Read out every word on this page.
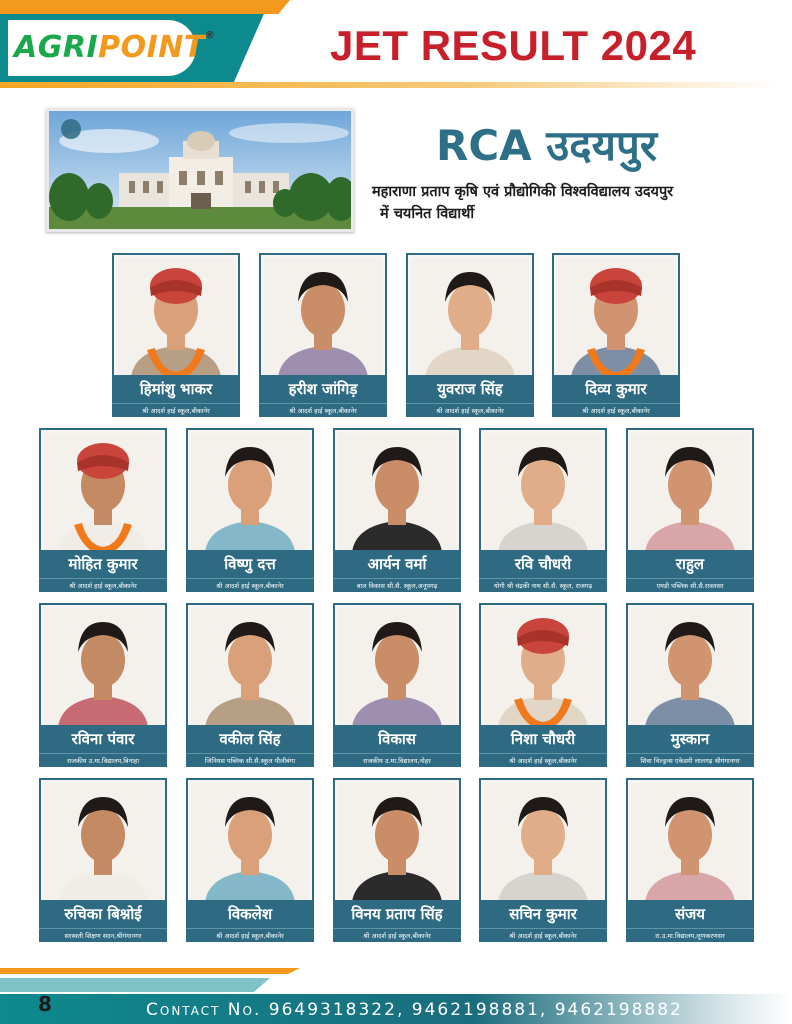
AGRIPOINT®	JET RESULT 2024
RCA उदयपुर
महाराणा प्रताप कृषि एवं प्रौद्योगिकी विश्वविद्यालय उदयपुर
में चयनित विद्यार्थी
हिमांशु भाकर
श्री आदर्श हाई स्कूल,बीकानेर
हरीश जांगिड़
श्री आदर्श हाई स्कूल,बीकानेर
युवराज सिंह
श्री आदर्श हाई स्कूल,बीकानेर
दिव्य कुमार
श्री आदर्श हाई स्कूल,बीकानेर
मोहित कुमार
श्री आदर्श हाई स्कूल,बीकानेर
विष्णु दत्त
श्री आदर्श हाई स्कूल,बीकानेर
आर्यन वर्मा
बाल विकास सी.सै. स्कूल,अनूपगढ़
रवि चौधरी
योगी श्री चंद्रकी नाथ सी.सै. स्कूल, राजगढ़
राहुल
एमडी पब्लिक सी.सै.रावतसर
रविना पंवार
राजकीय उ.मा.विद्यालय,बिनाहा
वकील सिंह
जिनियस पब्लिक सी.सै.स्कूल पीलीबंगा
विकास
राजकीय उ.मा.विद्यालय,नोहर
निशा चौधरी
श्री आदर्श हाई स्कूल,बीकानेर
मुस्कान
शिवा चिल्ड्रन्स एकेडमी लालगढ़ श्रीगंगानगर
रुचिका बिश्नोई
सरस्वती शिक्षण सदन,श्रीगंगानगर
विकलेश
श्री आदर्श हाई स्कूल,बीकानेर
विनय प्रताप सिंह
श्री आदर्श हाई स्कूल,बीकानेर
सचिन कुमार
श्री आदर्श हाई स्कूल,बीकानेर
संजय
रा.उ.मा.विद्यालय,लूणकरणसर
8	Contact No. 9649318322, 9462198881, 9462198882
